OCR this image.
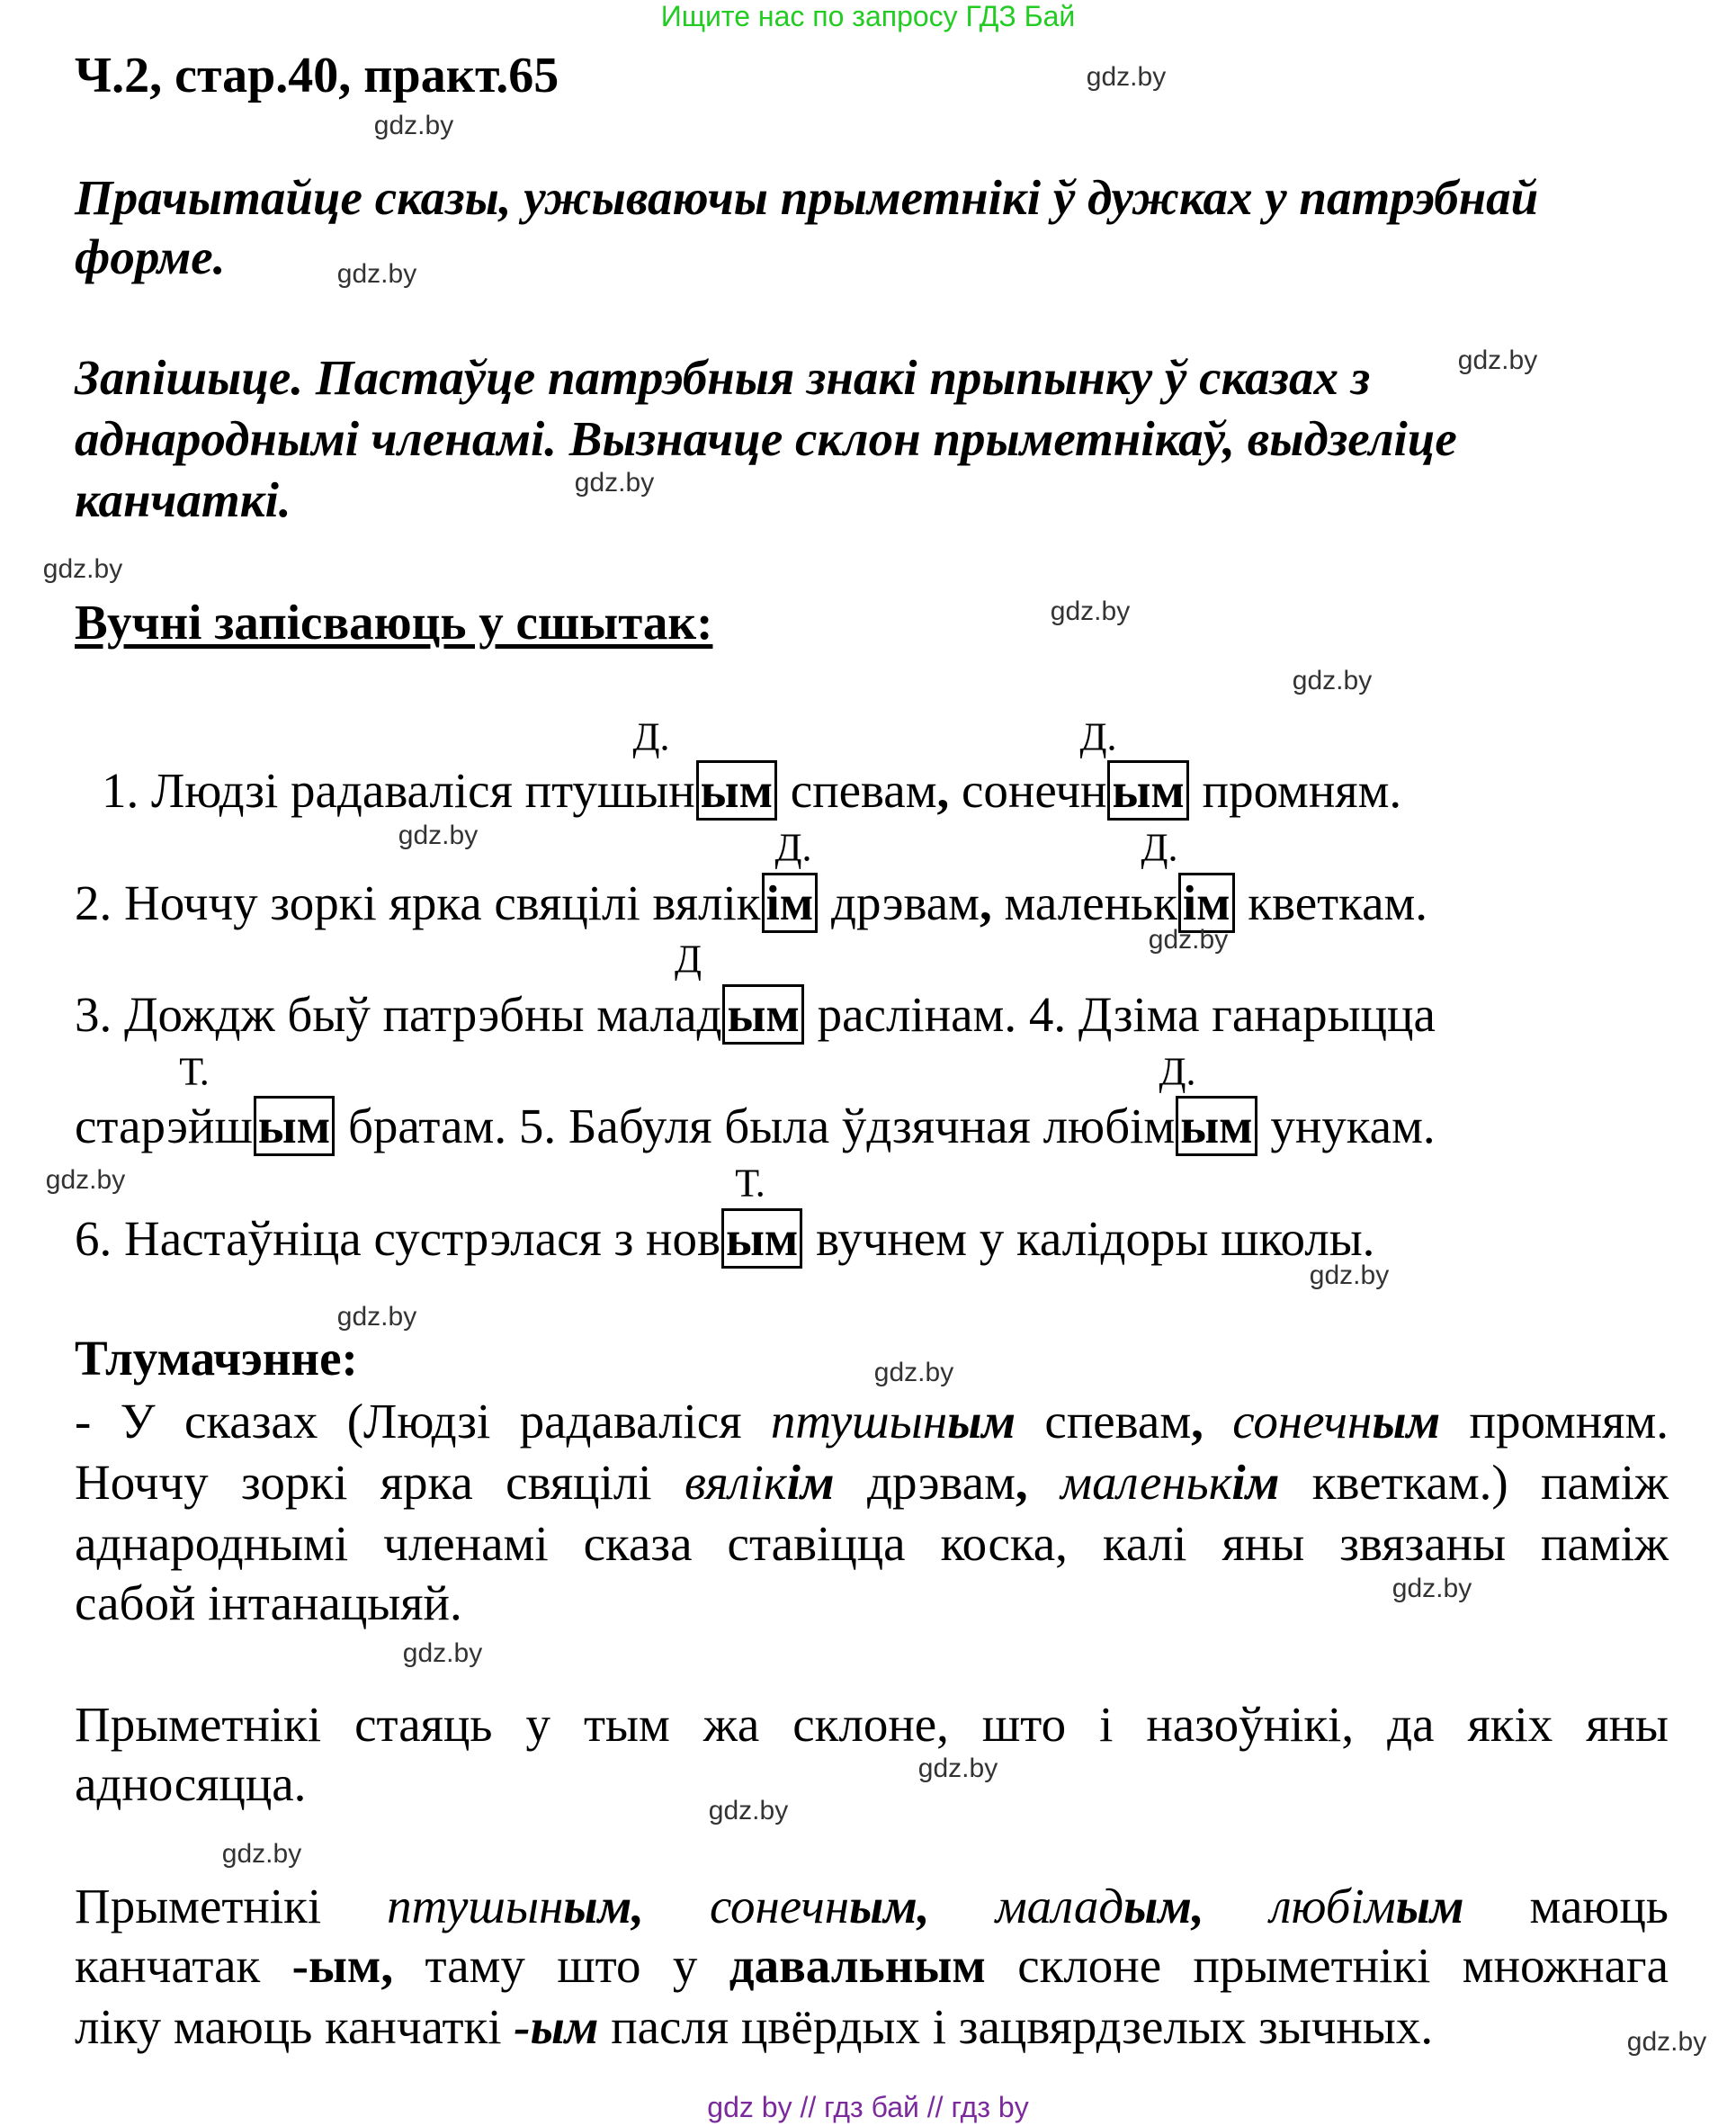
Ищите нас по запросу ГДЗ Бай
Ч.2, стар.40, практ.65
Прачытайце сказы, ужываючы прыметнікі ў дужках у патрэбнай
форме.
Запішыце. Пастаўце патрэбныя знакі прыпынку ў сказах з
аднароднымі членамі. Вызначце склон прыметнікаў, выдзеліце
канчаткі.
Вучні запісваюць у сшытак:
1. Людзі радаваліся птушын ым спевам, сонечн ым промням.
2. Ноччу зоркі ярка свяцілі вялік ім дрэвам, маленьк ім кветкам.
3. Дождж быў патрэбны малад ым раслінам. 4. Дзіма ганарыцца
старэйш ым братам. 5. Бабуля была ўдзячная любім ым унукам.
6. Настаўніца сустрэлася з нов ым вучнем у калідоры школы.
Д.	Д.
Д.	Д.
Д
Т.	Д.
Т.
Тлумачэнне:
- У сказах (Людзі радаваліся птушыным спевам, сонечным промням.
Ноччу зоркі ярка свяцілі вялікім дрэвам, маленькім кветкам.) паміж
аднароднымі членамі сказа ставіцца коска, калі яны звязаны паміж
сабой інтанацыяй.
Прыметнікі стаяць у тым жа склоне, што і назоўнікі, да якіх яны
адносяцца.
Прыметнікі птушыным, сонечным, маладым, любімым маюць
канчатак -ым, таму што у давальным склоне прыметнікі множнага
ліку маюць канчаткі -ым пасля цвёрдых і зацвярдзелых зычных.
gdz.by
gdz.by
gdz.by
gdz.by
gdz.by
gdz.by
gdz.by
gdz.by
gdz.by
gdz.by
gdz.by
gdz.by
gdz.by
gdz.by
gdz.by
gdz.by
gdz.by
gdz.by
gdz.by
gdz.by
gdz by // гдз бай // гдз by
